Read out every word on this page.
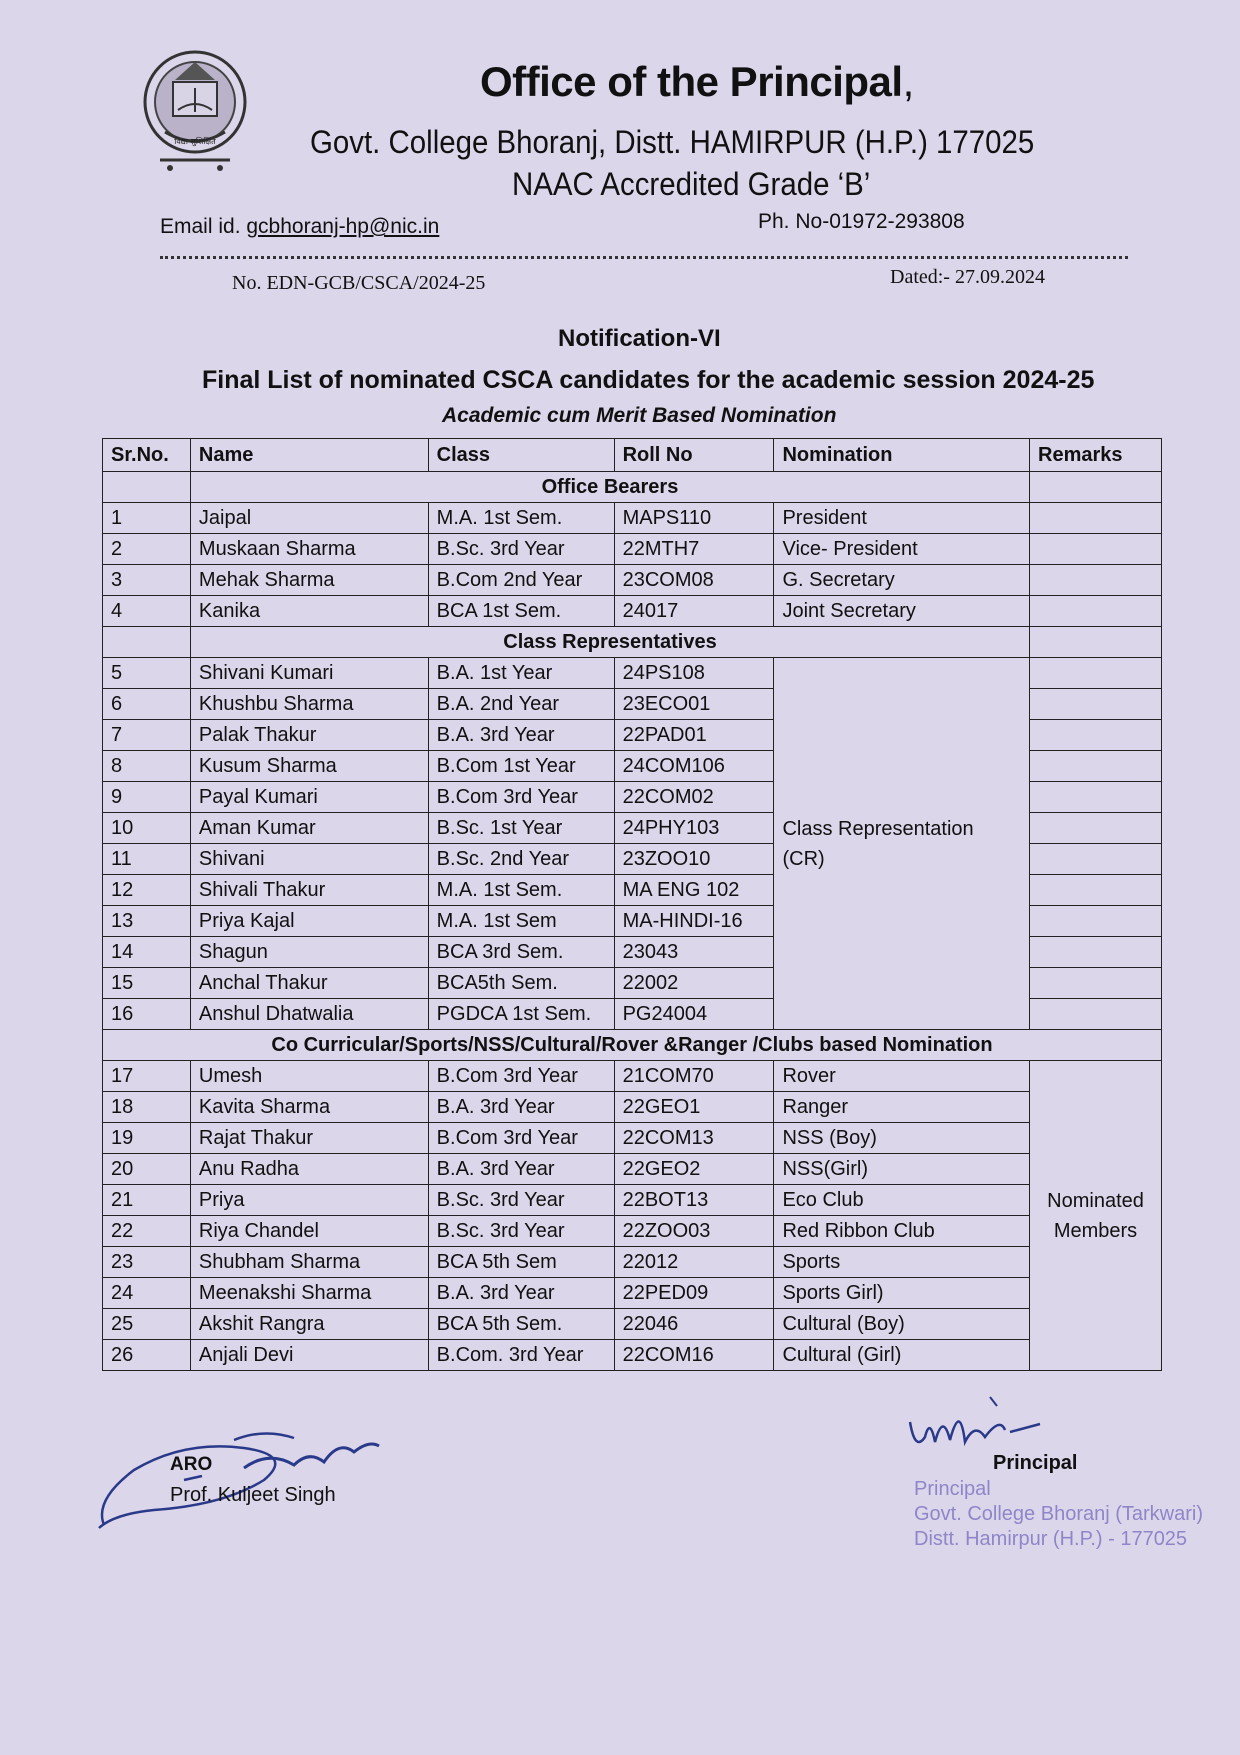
विद्या सुशिक्षितं
Office of the Principal,
Govt. College Bhoranj, Distt. HAMIRPUR (H.P.) 177025
NAAC Accredited Grade ‘B’
Email id. gcbhoranj-hp@nic.in	Ph. No-01972-293808
No. EDN-GCB/CSCA/2024-25	Dated:- 27.09.2024
Notification-VI
Final List of nominated CSCA candidates for the academic session 2024-25
Academic cum Merit Based Nomination
Sr.No.	Name	Class	Roll No	Nomination	Remarks
	Office Bearers				
1	Jaipal	M.A. 1st Sem.	MAPS110	President	
2	Muskaan Sharma	B.Sc. 3rd Year	22MTH7	Vice- President	
3	Mehak Sharma	B.Com 2nd Year	23COM08	G. Secretary	
4	Kanika	BCA 1st Sem.	24017	Joint Secretary	
	Class Representatives				
5	Shivani Kumari	B.A. 1st Year	24PS108	Class Representation (CR)	
6	Khushbu Sharma	B.A. 2nd Year	23ECO01		
7	Palak Thakur	B.A. 3rd Year	22PAD01		
8	Kusum Sharma	B.Com 1st Year	24COM106		
9	Payal Kumari	B.Com 3rd Year	22COM02		
10	Aman Kumar	B.Sc. 1st Year	24PHY103		
11	Shivani	B.Sc. 2nd Year	23ZOO10		
12	Shivali Thakur	M.A. 1st Sem.	MA ENG 102		
13	Priya Kajal	M.A. 1st Sem	MA-HINDI-16		
14	Shagun	BCA 3rd Sem.	23043		
15	Anchal Thakur	BCA5th Sem.	22002		
16	Anshul Dhatwalia	PGDCA 1st Sem.	PG24004		
Co Curricular/Sports/NSS/Cultural/Rover &Ranger /Clubs based Nomination					
17	Umesh	B.Com 3rd Year	21COM70	Rover	Nominated Members
18	Kavita Sharma	B.A. 3rd Year	22GEO1	Ranger	
19	Rajat Thakur	B.Com 3rd Year	22COM13	NSS (Boy)	
20	Anu Radha	B.A. 3rd Year	22GEO2	NSS(Girl)	
21	Priya	B.Sc. 3rd Year	22BOT13	Eco Club	
22	Riya Chandel	B.Sc. 3rd Year	22ZOO03	Red Ribbon Club	
23	Shubham Sharma	BCA 5th Sem	22012	Sports	
24	Meenakshi Sharma	B.A. 3rd Year	22PED09	Sports Girl)	
25	Akshit Rangra	BCA 5th Sem.	22046	Cultural (Boy)	
26	Anjali Devi	B.Com. 3rd Year	22COM16	Cultural (Girl)	
ARO
Prof. Kuljeet Singh
Principal
Principal
Govt. College Bhoranj (Tarkwari)
Distt. Hamirpur (H.P.) - 177025
